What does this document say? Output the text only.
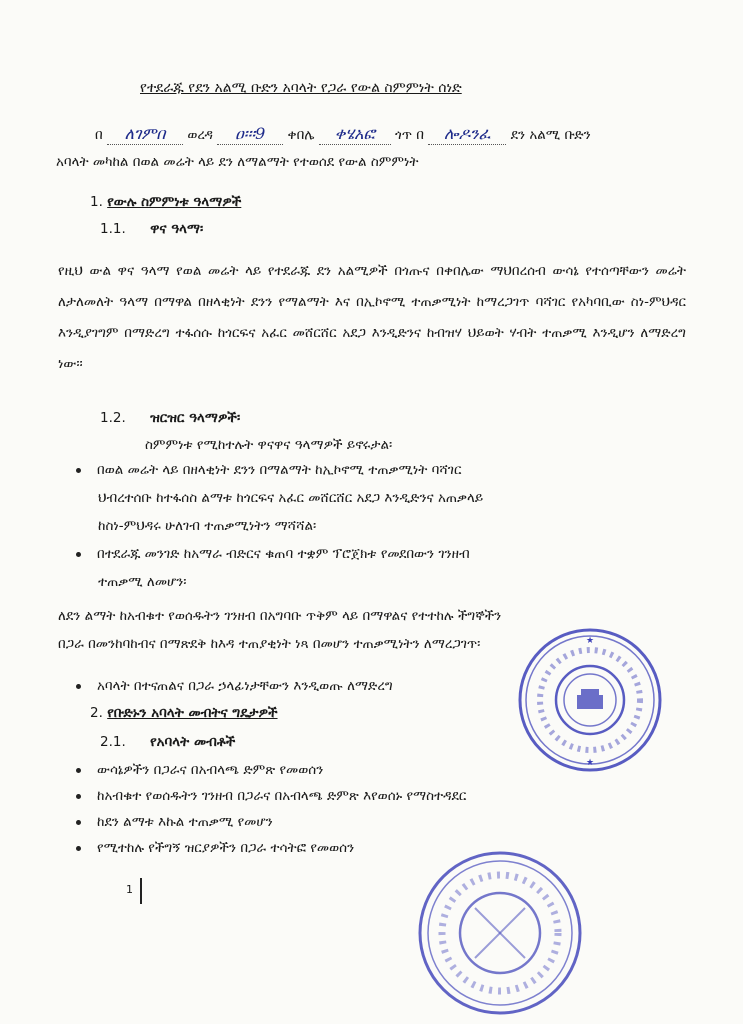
የተደራጁ የደን አልሚ ቡድን አባላት የጋራ የውል ስምምነት ሰነድ
በ ለገምበ ወረዳ ዐ፡፡፡9 ቀበሌ ቀሄአፎ ጎጥ በ ሎዶንፈ ደን አልሚ ቡድን
አባላት መካከል በወል መሬት ላይ ደን ለማልማት የተወሰደ የውል ስምምነት
1. የውሉ ስምምነቱ ዓላማዎች
1.1. ዋና ዓላማ፡
የዚህ ውል ዋና ዓላማ የወል መሬት ላይ የተደራጁ ደን አልሚዎች በጎጡና በቀበሌው ማህበረሰብ ውሳኔ የተሰጣቸውን መሬት ለታለመለት ዓላማ በማዋል በዘላቂነት ደንን የማልማት እና በኢኮኖሚ ተጠቃሚነት ከማረጋገጥ ባሻገር የአካባቢው ስነ-ምህዳር እንዲያገግም በማድረግ ተፋሰሱ ከጎርፍና አፈር መሸርሸር አደጋ እንዲድንና ከብዝሃ ህይወት ሃብት ተጠቃሚ እንዲሆን ለማድረግ ነው፡፡
1.2. ዝርዝር ዓላማዎች፡
ስምምነቱ የሚከተሉት ዋናዋና ዓላማዎች ይኖሩታል፡
በወል መሬት ላይ በዘላቂነት ደንን በማልማት ከኢኮኖሚ ተጠቃሚነት ባሻገር
ህብረተሰቡ ከተፋሰስ ልማቱ ከጎርፍና አፈር መሸርሸር አደጋ እንዲድንና አጠቃላይ
ከስነ-ምህዳሩ ሁለገብ ተጠቃሚነትን ማሻሻል፡
በተደራጁ መንገድ ከአማራ ብድርና ቁጠባ ተቋም ፕሮጀክቱ የመደበውን ገንዘብ
ተጠቃሚ ለመሆን፡
ለደን ልማት ከአብቁተ የወሰዱትን ገንዘብ በአግባቡ ጥቅም ላይ በማዋልና የተተከሉ ችግኞችን
በጋራ በመንከባከብና በማጽደቅ ከእዳ ተጠያቂነት ነጻ በመሆን ተጠቃሚነትን ለማረጋገጥ፡
አባላት በተናጠልና በጋራ ኃላፊነታቸውን እንዲወጡ ለማድረግ
2. የቡድኑን አባላት መብትና ግዴታዎች
2.1. የአባላት መብቶች
ውሳኔዎችን በጋራና በአብላጫ ድምጽ የመወሰን
ከአብቁተ የወሰዱትን ገንዘብ በጋራና በአብላጫ ድምጽ እየወሰኑ የማስተዳደር
ከደን ልማቱ እኩል ተጠቃሚ የመሆን
የሚተከሉ የችግኝ ዝርያዎችን በጋራ ተሳትፎ የመወሰን
1
★
★
